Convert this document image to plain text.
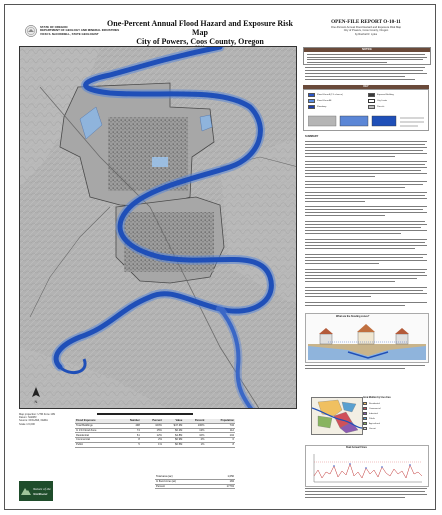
STATE OF OREGON
DEPARTMENT OF GEOLOGY AND MINERAL INDUSTRIES
VICKI S. McCONNELL, STATE GEOLOGIST
One-Percent Annual Flood Hazard and Exposure Risk Map
City of Powers, Coos County, Oregon
OPEN-FILE REPORT O-10-11
One-Percent Annual Flood Hazard and Exposure Risk Map
City of Powers, Coos County, Oregon
by Rachel R. Lyles
N
NOTICE
KEY
Flood Zone A (1% chance)
Flood Zone AE
Floodway
Exposed Building
City Limits
Parcels
SUMMARY
What are the flooding zones?
Area Median by Use Area
Residential
Commercial
Industrial
Public
Agricultural
Vacant
Peak Annual Flows
Map projection: UTM Zone 10N
Datum: NAD83
Source: DOGAMI, FEMA
Scale 1:6,000
Flood Exposure	Number	Percent	Value	Percent	Population
Total Buildings	498	100%	$47.3M	100%	734
In 1% Flood Zone	74	15%	$6.2M	13%	112
Residential	61	12%	$4.8M	10%	104
Commercial	8	2%	$0.9M	2%	0
Public	5	1%	$0.5M	1%	8
Total area (ac)	1,050
In flood zone (ac)	184
Percent	17.5%
Nature of the
Northwest
